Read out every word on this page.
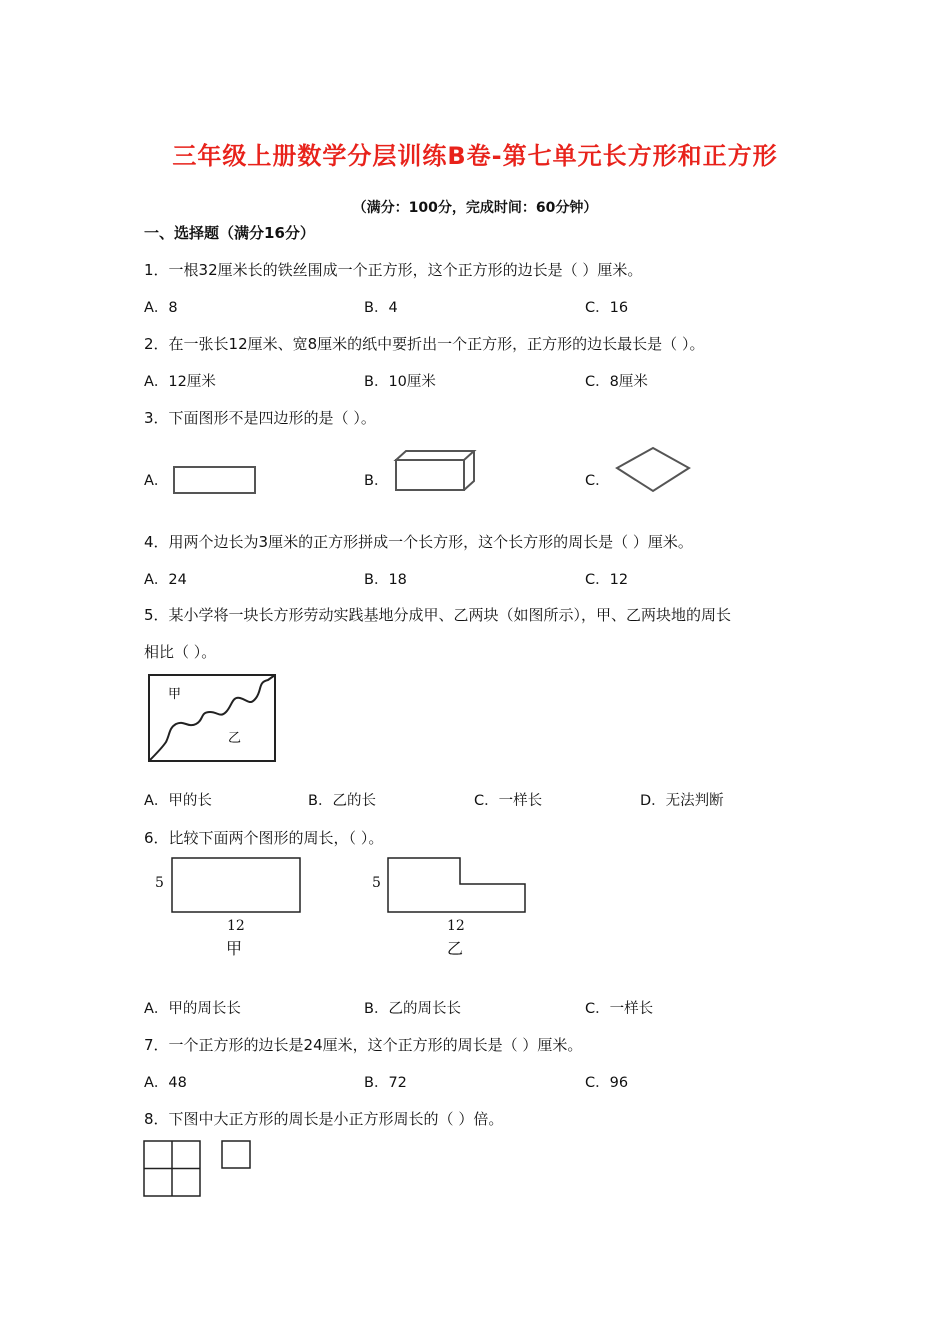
三年级上册数学分层训练B卷-第七单元长方形和正方形
（满分：100分，完成时间：60分钟）
一、选择题（满分16分）
1．一根32厘米长的铁丝围成一个正方形，这个正方形的边长是（ ）厘米。
A．8	B．4	C．16
2．在一张长12厘米、宽8厘米的纸中要折出一个正方形，正方形的边长最长是（ ）。
A．12厘米	B．10厘米	C．8厘米
3．下面图形不是四边形的是（ ）。
A．	B．	C．
4．用两个边长为3厘米的正方形拼成一个长方形，这个长方形的周长是（ ）厘米。
A．24	B．18	C．12
5．某小学将一块长方形劳动实践基地分成甲、乙两块（如图所示），甲、乙两块地的周长
相比（ ）。
甲
乙
A．甲的长	B．乙的长	C．一样长	D．无法判断
6．比较下面两个图形的周长，（ ）。
5
12
甲
5
12
乙
A．甲的周长长	B．乙的周长长	C．一样长
7．一个正方形的边长是24厘米，这个正方形的周长是（ ）厘米。
A．48	B．72	C．96
8．下图中大正方形的周长是小正方形周长的（ ）倍。
